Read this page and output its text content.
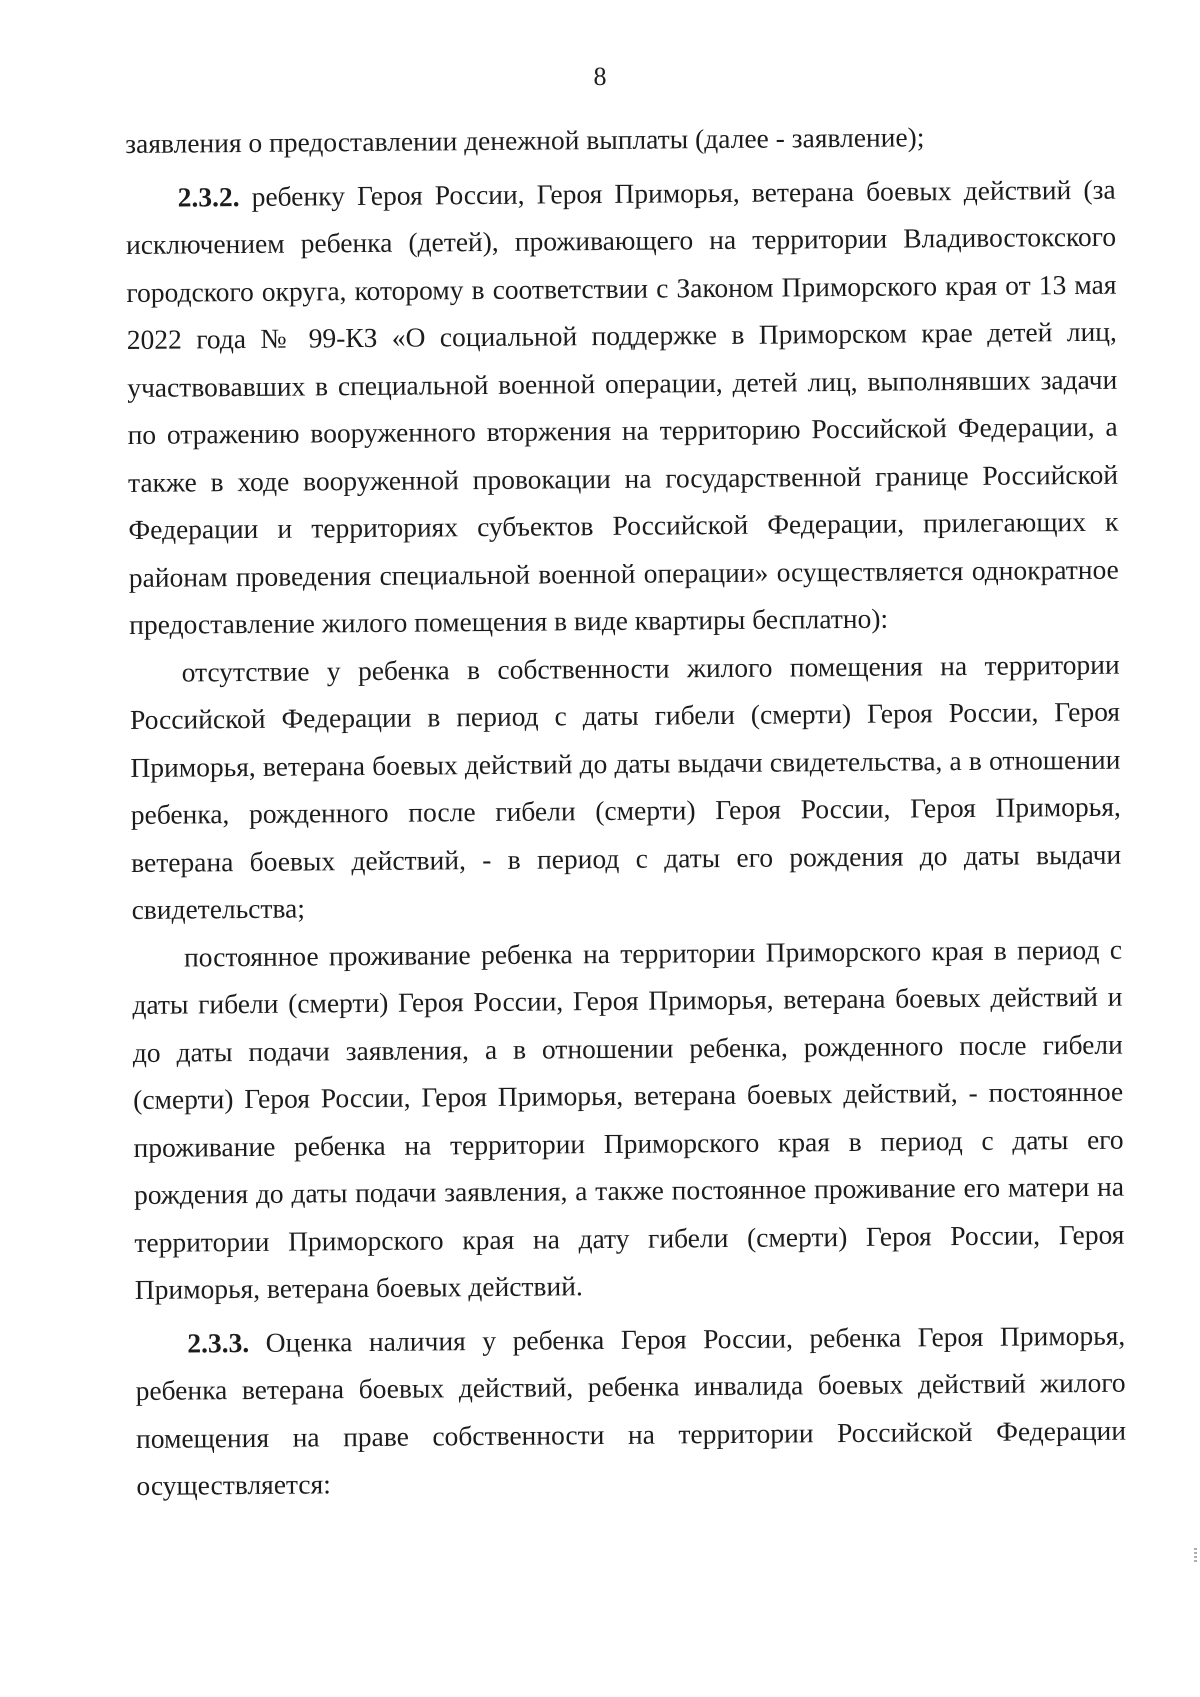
8

заявления о предоставлении денежной выплаты (далее - заявление);

2.3.2. ребенку Героя России, Героя Приморья, ветерана боевых действий (за исключением ребенка (детей), проживающего на территории Владивостокского городского округа, которому в соответствии с Законом Приморского края от 13 мая 2022 года № 99-КЗ «О социальной поддержке в Приморском крае детей лиц, участвовавших в специальной военной операции, детей лиц, выполнявших задачи по отражению вооруженного вторжения на территорию Российской Федерации, а также в ходе вооруженной провокации на государственной границе Российской Федерации и территориях субъектов Российской Федерации, прилегающих к районам проведения специальной военной операции» осуществляется однократное предоставление жилого помещения в виде квартиры бесплатно):

отсутствие у ребенка в собственности жилого помещения на территории Российской Федерации в период с даты гибели (смерти) Героя России, Героя Приморья, ветерана боевых действий до даты выдачи свидетельства, а в отношении ребенка, рожденного после гибели (смерти) Героя России, Героя Приморья, ветерана боевых действий, - в период с даты его рождения до даты выдачи свидетельства;

постоянное проживание ребенка на территории Приморского края в период с даты гибели (смерти) Героя России, Героя Приморья, ветерана боевых действий и до даты подачи заявления, а в отношении ребенка, рожденного после гибели (смерти) Героя России, Героя Приморья, ветерана боевых действий, - постоянное проживание ребенка на территории Приморского края в период с даты его рождения до даты подачи заявления, а также постоянное проживание его матери на территории Приморского края на дату гибели (смерти) Героя России, Героя Приморья, ветерана боевых действий.

2.3.3. Оценка наличия у ребенка Героя России, ребенка Героя Приморья, ребенка ветерана боевых действий, ребенка инвалида боевых действий жилого помещения на праве собственности на территории Российской Федерации осуществляется:
